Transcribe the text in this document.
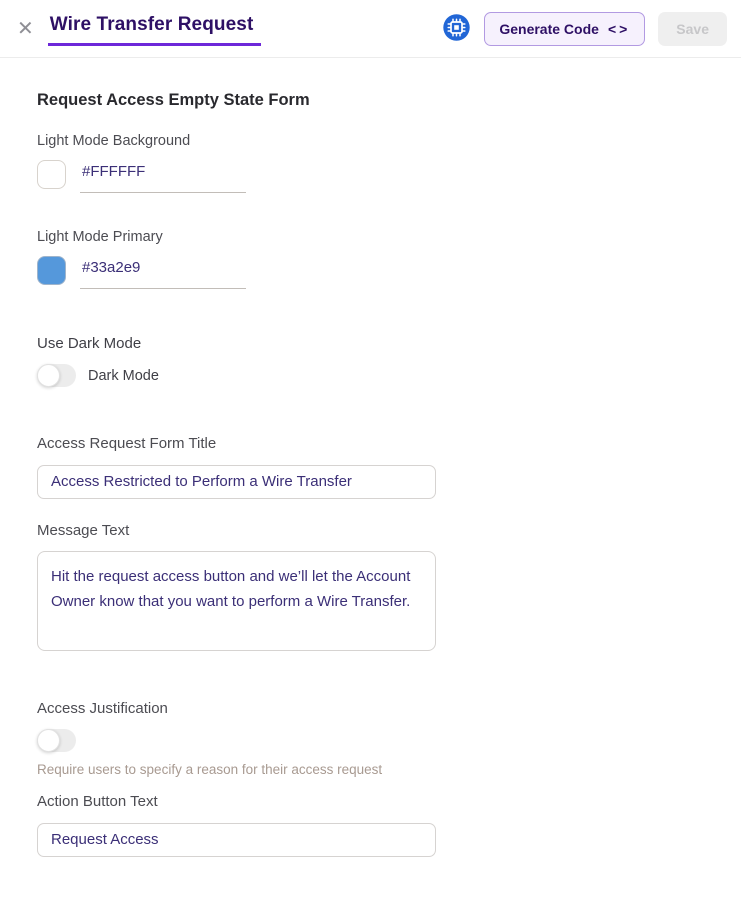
✕ Wire Transfer Request	Generate Code <>	Save
Request Access Empty State Form
Light Mode Background
#FFFFFF
Light Mode Primary
#33a2e9
Use Dark Mode
Dark Mode
Access Request Form Title
Access Restricted to Perform a Wire Transfer
Message Text
Hit the request access button and we’ll let the Account Owner know that you want to perform a Wire Transfer.
Access Justification
Require users to specify a reason for their access request
Action Button Text
Request Access
